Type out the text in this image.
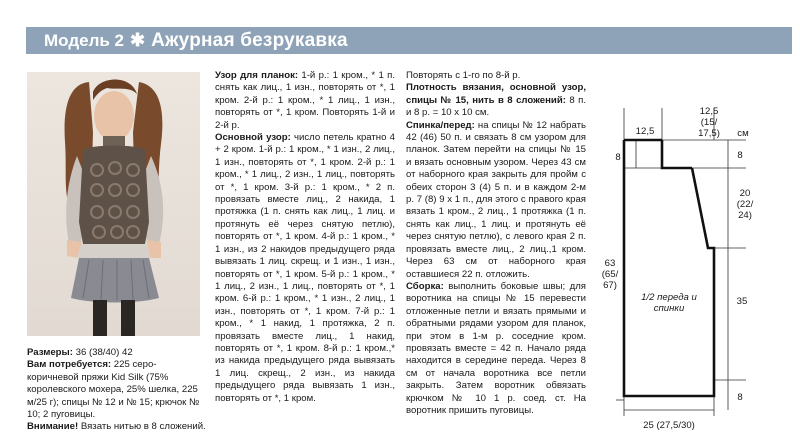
Модель 2 ✱ Ажурная безрукавка

Размеры: 36 (38/40) 42

Вам потребуется: 225 серо-коричневой пряжи Kid Silk (75% королевского мохера, 25% шелка, 225 м/25 г); спицы № 12 и № 15; крючок № 10; 2 пуговицы.

Внимание! Вязать нитью в 8 сложений.

Узор для планок: 1-й р.: 1 кром., * 1 п. снять как лиц., 1 изн., повторять от *, 1 кром. 2-й р.: 1 кром., * 1 лиц., 1 изн., повторять от *, 1 кром. Повторять 1-й и 2-й р.

Основной узор: число петель кратно 4 + 2 кром. 1-й р.: 1 кром., * 1 изн., 2 лиц., 1 изн., повторять от *, 1 кром. 2-й р.: 1 кром., * 1 лиц., 2 изн., 1 лиц., повторять от *, 1 кром. 3-й р.: 1 кром., * 2 п. провязать вместе лиц., 2 накида, 1 протяжка (1 п. снять как лиц., 1 лиц. и протянуть её через снятую петлю), повторять от *, 1 кром. 4-й р.: 1 кром., * 1 изн., из 2 накидов предыдущего ряда вывязать 1 лиц. скрещ. и 1 изн., 1 изн., повторять от *, 1 кром. 5-й р.: 1 кром., * 1 лиц., 2 изн., 1 лиц., повторять от *, 1 кром. 6-й р.: 1 кром., * 1 изн., 2 лиц., 1 изн., повторять от *, 1 кром. 7-й р.: 1 кром., * 1 накид, 1 протяжка, 2 п. провязать вместе лиц., 1 накид, повторять от *, 1 кром. 8-й р.: 1 кром.,* из накида предыдущего ряда вывязать 1 лиц. скрещ., 2 изн., из накида предыдущего ряда вывязать 1 изн., повторять от *, 1 кром.

Повторять с 1-го по 8-й р.

Плотность вязания, основной узор, спицы № 15, нить в 8 сложений: 8 п. и 8 р. = 10 х 10 см.

Спинка/перед: на спицы № 12 набрать 42 (46) 50 п. и связать 8 см узором для планок. Затем перейти на спицы № 15 и вязать основным узором. Через 43 см от наборного края закрыть для пройм с обеих сторон 3 (4) 5 п. и в каждом 2-м р. 7 (8) 9 х 1 п., для этого с правого края вязать 1 кром., 2 лиц., 1 протяжка (1 п. снять как лиц., 1 лиц. и протянуть её через снятую петлю), с левого края 2 п. провязать вместе лиц., 2 лиц.,1 кром. Через 63 см от наборного края оставшиеся 22 п. отложить.

Сборка: выполнить боковые швы; для воротника на спицы № 15 перевести отложенные петли и вязать прямыми и обратными рядами узором для планок, при этом в 1-м р. соседние кром. провязать вместе = 42 п. Начало ряда находится в середине переда. Через 8 см от начала воротника все петли закрыть. Затем воротник обвязать крючком № 10 1 р. соед. ст. На воротник пришить пуговицы.

12,5
12,5 (15/ 17,5)	см
8	8
20 (22/ 24)
63 (65/ 67)
35
8
25 (27,5/30)
1/2 переда и спинки
